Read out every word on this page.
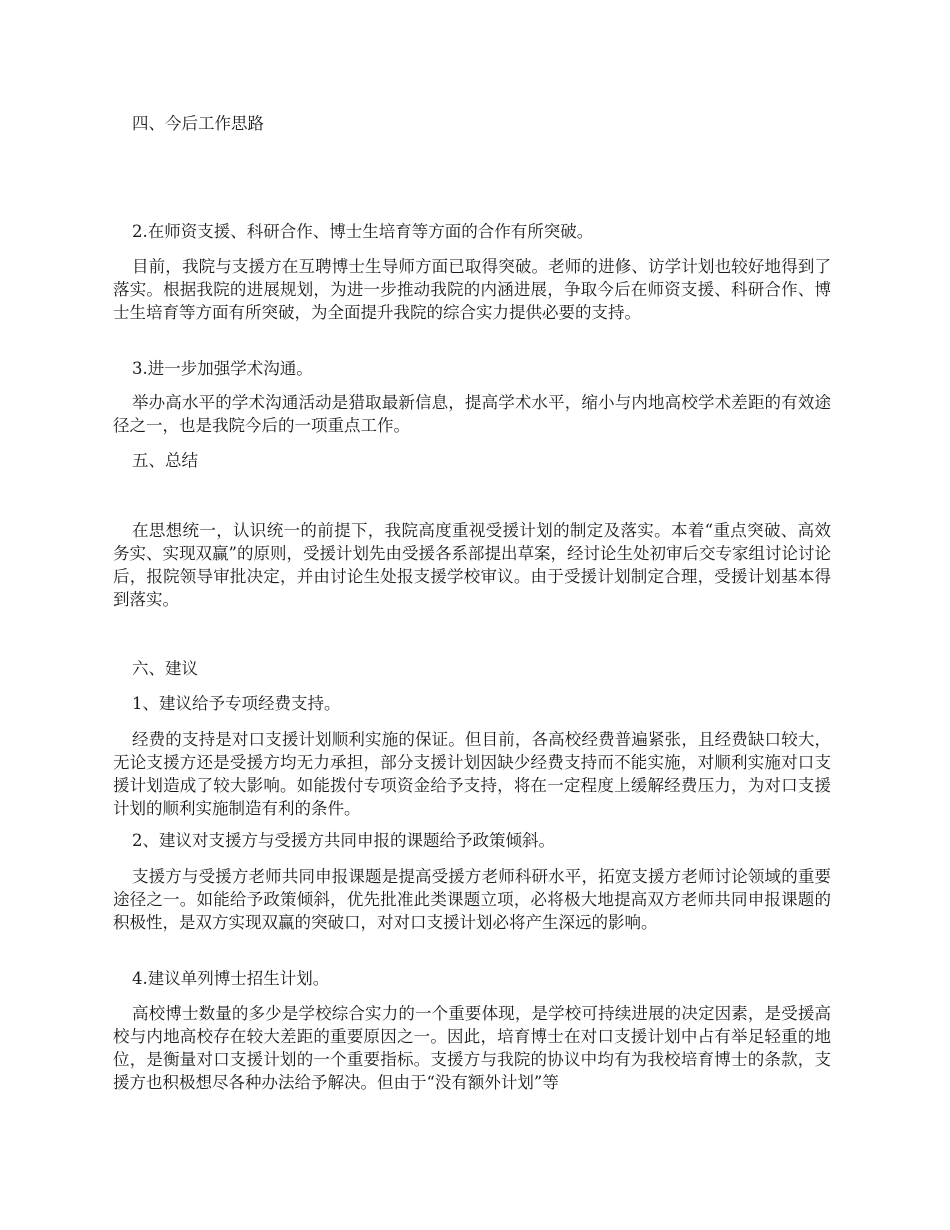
四、今后工作思路

2.在师资支援、科研合作、博士生培育等方面的合作有所突破。

目前，我院与支援方在互聘博士生导师方面已取得突破。老师的进修、访学计划也较好地得到了落实。根据我院的进展规划，为进一步推动我院的内涵进展，争取今后在师资支援、科研合作、博士生培育等方面有所突破，为全面提升我院的综合实力提供必要的支持。

3.进一步加强学术沟通。

举办高水平的学术沟通活动是猎取最新信息，提高学术水平，缩小与内地高校学术差距的有效途径之一，也是我院今后的一项重点工作。

五、总结

在思想统一，认识统一的前提下，我院高度重视受援计划的制定及落实。本着“重点突破、高效务实、实现双赢”的原则，受援计划先由受援各系部提出草案，经讨论生处初审后交专家组讨论讨论后，报院领导审批决定，并由讨论生处报支援学校审议。由于受援计划制定合理，受援计划基本得到落实。

六、建议

1、建议给予专项经费支持。

经费的支持是对口支援计划顺利实施的保证。但目前，各高校经费普遍紧张，且经费缺口较大，无论支援方还是受援方均无力承担，部分支援计划因缺少经费支持而不能实施，对顺利实施对口支援计划造成了较大影响。如能拨付专项资金给予支持，将在一定程度上缓解经费压力，为对口支援计划的顺利实施制造有利的条件。

2、建议对支援方与受援方共同申报的课题给予政策倾斜。

支援方与受援方老师共同申报课题是提高受援方老师科研水平，拓宽支援方老师讨论领域的重要途径之一。如能给予政策倾斜，优先批准此类课题立项，必将极大地提高双方老师共同申报课题的积极性，是双方实现双赢的突破口，对对口支援计划必将产生深远的影响。

4.建议单列博士招生计划。

高校博士数量的多少是学校综合实力的一个重要体现，是学校可持续进展的决定因素，是受援高校与内地高校存在较大差距的重要原因之一。因此，培育博士在对口支援计划中占有举足轻重的地位，是衡量对口支援计划的一个重要指标。支援方与我院的协议中均有为我校培育博士的条款，支援方也积极想尽各种办法给予解决。但由于“没有额外计划”等
